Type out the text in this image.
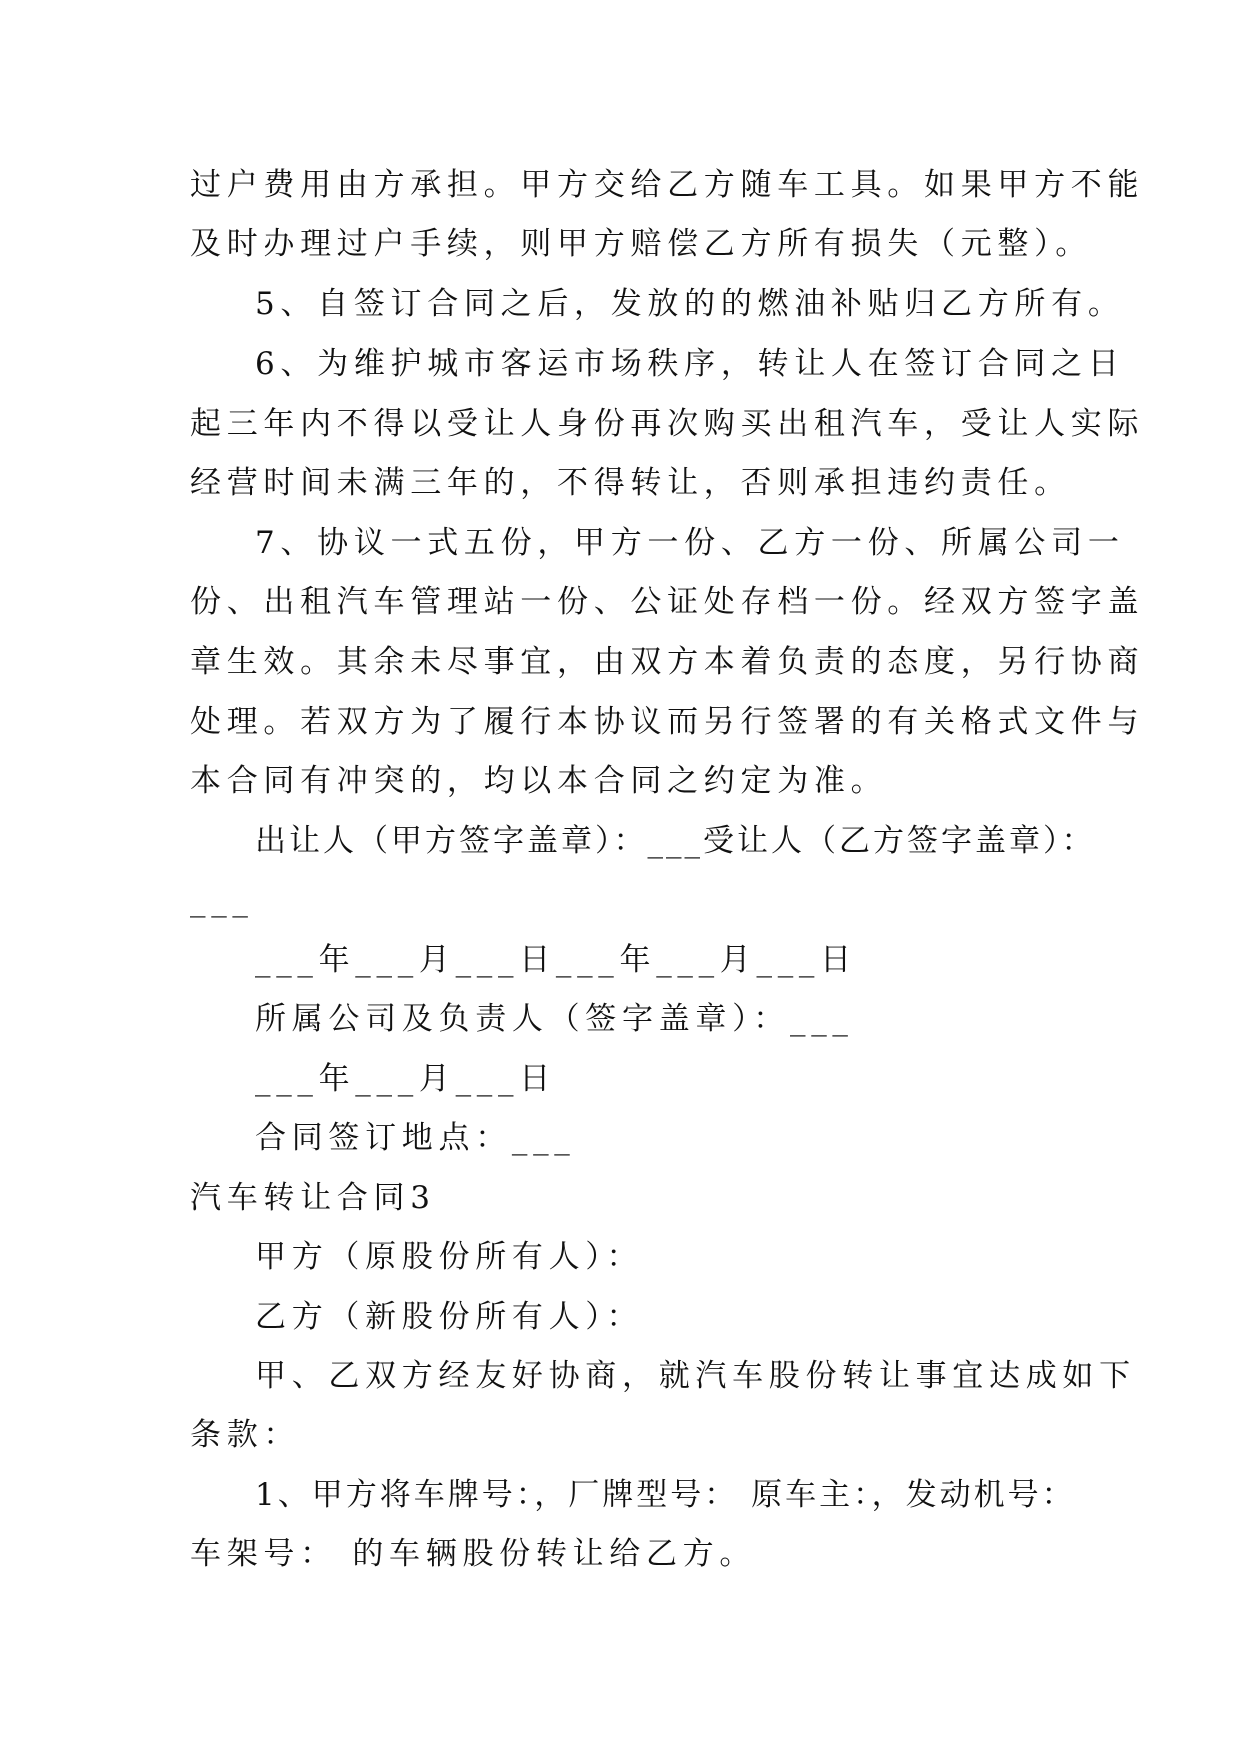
过户费用由方承担。甲方交给乙方随车工具。如果甲方不能
及时办理过户手续，则甲方赔偿乙方所有损失（元整）。
5、自签订合同之后，发放的的燃油补贴归乙方所有。
6、为维护城市客运市场秩序，转让人在签订合同之日
起三年内不得以受让人身份再次购买出租汽车，受让人实际
经营时间未满三年的，不得转让，否则承担违约责任。
7、协议一式五份，甲方一份、乙方一份、所属公司一
份、出租汽车管理站一份、公证处存档一份。经双方签字盖
章生效。其余未尽事宜，由双方本着负责的态度，另行协商
处理。若双方为了履行本协议而另行签署的有关格式文件与
本合同有冲突的，均以本合同之约定为准。
出让人（甲方签字盖章）：___受让人（乙方签字盖章）：
___
___年___月___日___年___月___日
所属公司及负责人（签字盖章）：___
___年___月___日
合同签订地点：___
汽车转让合同3
甲方（原股份所有人）：
乙方（新股份所有人）：
甲、乙双方经友好协商，就汽车股份转让事宜达成如下
条款：
1、甲方将车牌号：，厂牌型号： 原车主：，发动机号：
车架号： 的车辆股份转让给乙方。
